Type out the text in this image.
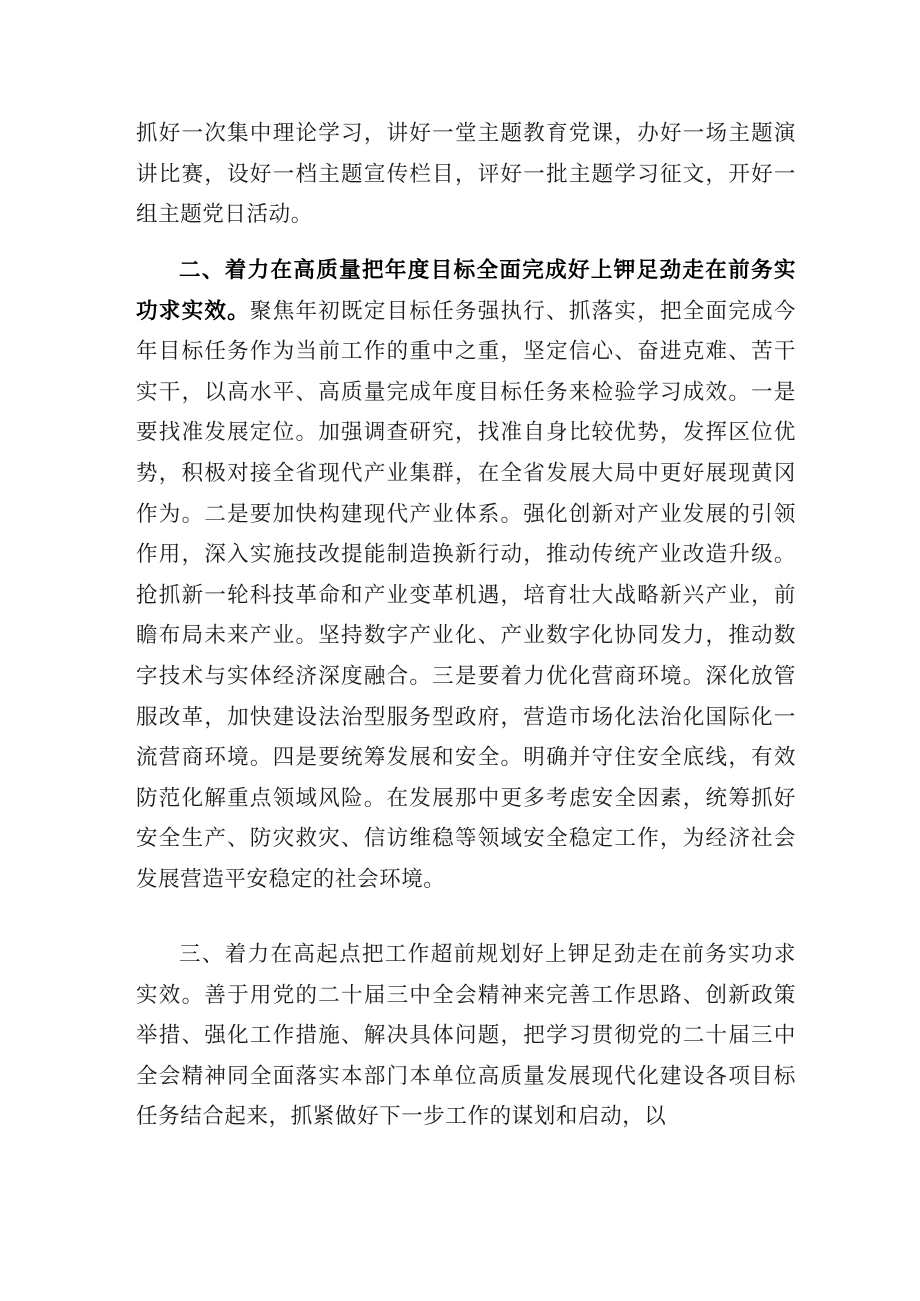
抓好一次集中理论学习，讲好一堂主题教育党课，办好一场主题演讲比赛，设好一档主题宣传栏目，评好一批主题学习征文，开好一组主题党日活动。

二、着力在高质量把年度目标全面完成好上钾足劲走在前务实功求实效。聚焦年初既定目标任务强执行、抓落实，把全面完成今年目标任务作为当前工作的重中之重，坚定信心、奋进克难、苦干实干，以高水平、高质量完成年度目标任务来检验学习成效。一是要找准发展定位。加强调查研究，找准自身比较优势，发挥区位优势，积极对接全省现代产业集群，在全省发展大局中更好展现黄冈作为。二是要加快构建现代产业体系。强化创新对产业发展的引领作用，深入实施技改提能制造换新行动，推动传统产业改造升级。抢抓新一轮科技革命和产业变革机遇，培育壮大战略新兴产业，前瞻布局未来产业。坚持数字产业化、产业数字化协同发力，推动数字技术与实体经济深度融合。三是要着力优化营商环境。深化放管服改革，加快建设法治型服务型政府，营造市场化法治化国际化一流营商环境。四是要统筹发展和安全。明确并守住安全底线，有效防范化解重点领域风险。在发展那中更多考虑安全因素，统筹抓好安全生产、防灾救灾、信访维稳等领域安全稳定工作，为经济社会发展营造平安稳定的社会环境。

三、着力在高起点把工作超前规划好上钾足劲走在前务实功求实效。善于用党的二十届三中全会精神来完善工作思路、创新政策举措、强化工作措施、解决具体问题，把学习贯彻党的二十届三中全会精神同全面落实本部门本单位高质量发展现代化建设各项目标任务结合起来，抓紧做好下一步工作的谋划和启动，以
